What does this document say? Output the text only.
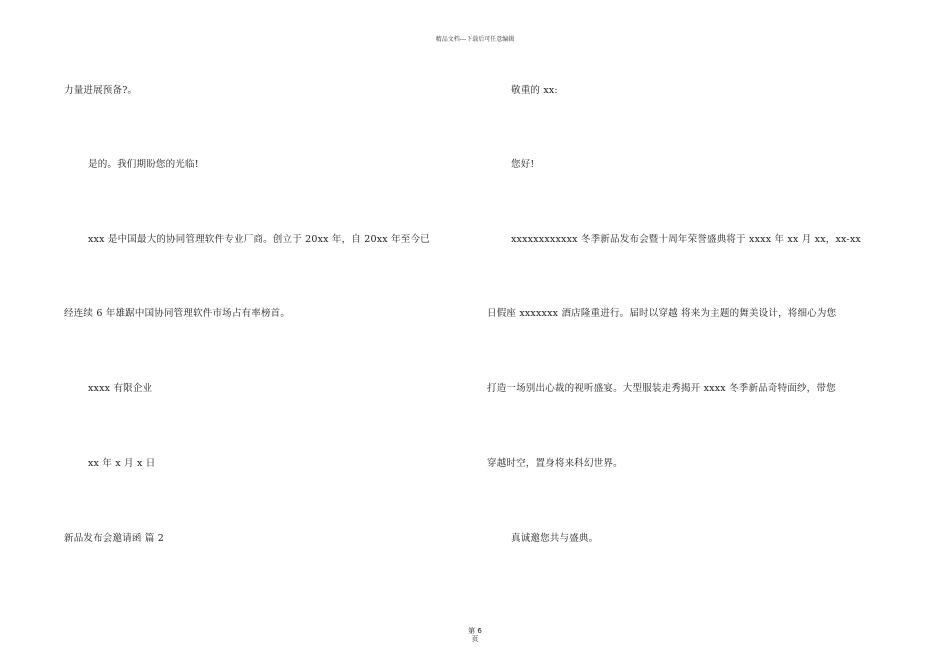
精品文档---下载后可任意编辑
力量进展预备?。
是的。我们期盼您的光临!
xxx 是中国最大的协同管理软件专业厂商。创立于 20xx 年，自 20xx 年至今已
经连续 6 年雄踞中国协同管理软件市场占有率榜首。
xxxx 有限企业
xx 年 x 月 x 日
新品发布会邀请函 篇 2
敬重的 xx:
您好!
xxxxxxxxxxxx 冬季新品发布会暨十周年荣誉盛典将于 xxxx 年 xx 月 xx，xx-xx
日假座 xxxxxxx 酒店隆重进行。届时以穿越 将来为主题的舞美设计，将细心为您
打造一场别出心裁的视听盛宴。大型服装走秀揭开 xxxx 冬季新品奇特面纱，带您
穿越时空，置身将来科幻世界。
真诚邀您共与盛典。
第 6
页
